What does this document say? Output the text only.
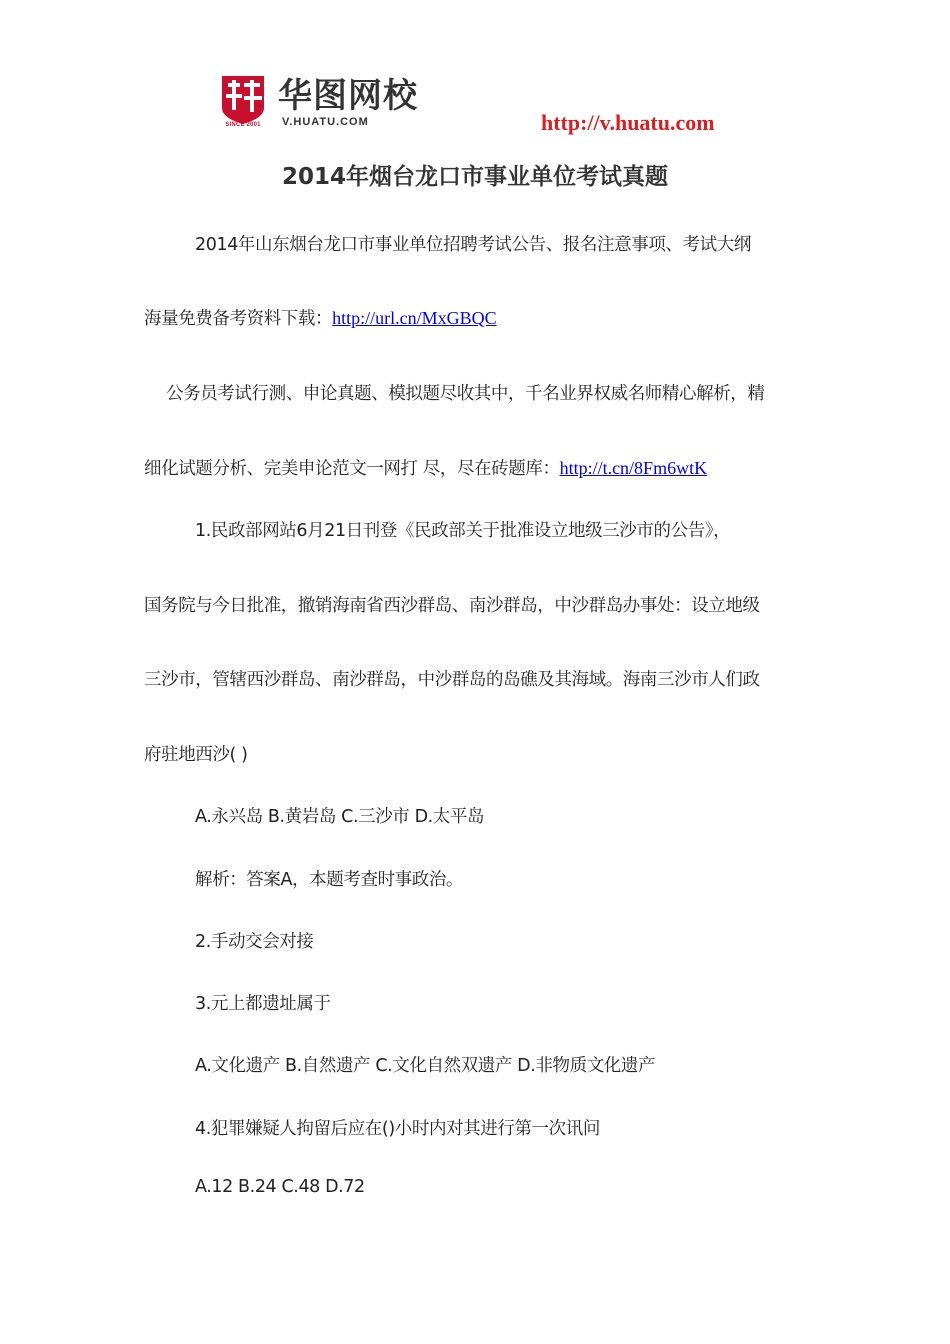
SINCE 2001
华图网校
V.HUATU.COM	http://v.huatu.com
2014年烟台龙口市事业单位考试真题
2014年山东烟台龙口市事业单位招聘考试公告、报名注意事项、考试大纲
海量免费备考资料下载：http://url.cn/MxGBQC
公务员考试行测、申论真题、模拟题尽收其中，千名业界权威名师精心解析，精
细化试题分析、完美申论范文一网打 尽，尽在砖题库：http://t.cn/8Fm6wtK
1.民政部网站6月21日刊登《民政部关于批准设立地级三沙市的公告》，
国务院与今日批准，撤销海南省西沙群岛、南沙群岛，中沙群岛办事处：设立地级
三沙市，管辖西沙群岛、南沙群岛，中沙群岛的岛礁及其海域。海南三沙市人们政
府驻地西沙( )
A.永兴岛 B.黄岩岛 C.三沙市 D.太平岛
解析：答案A，本题考查时事政治。
2.手动交会对接
3.元上都遗址属于
A.文化遗产 B.自然遗产 C.文化自然双遗产 D.非物质文化遗产
4.犯罪嫌疑人拘留后应在()小时内对其进行第一次讯问
A.12 B.24 C.48 D.72
